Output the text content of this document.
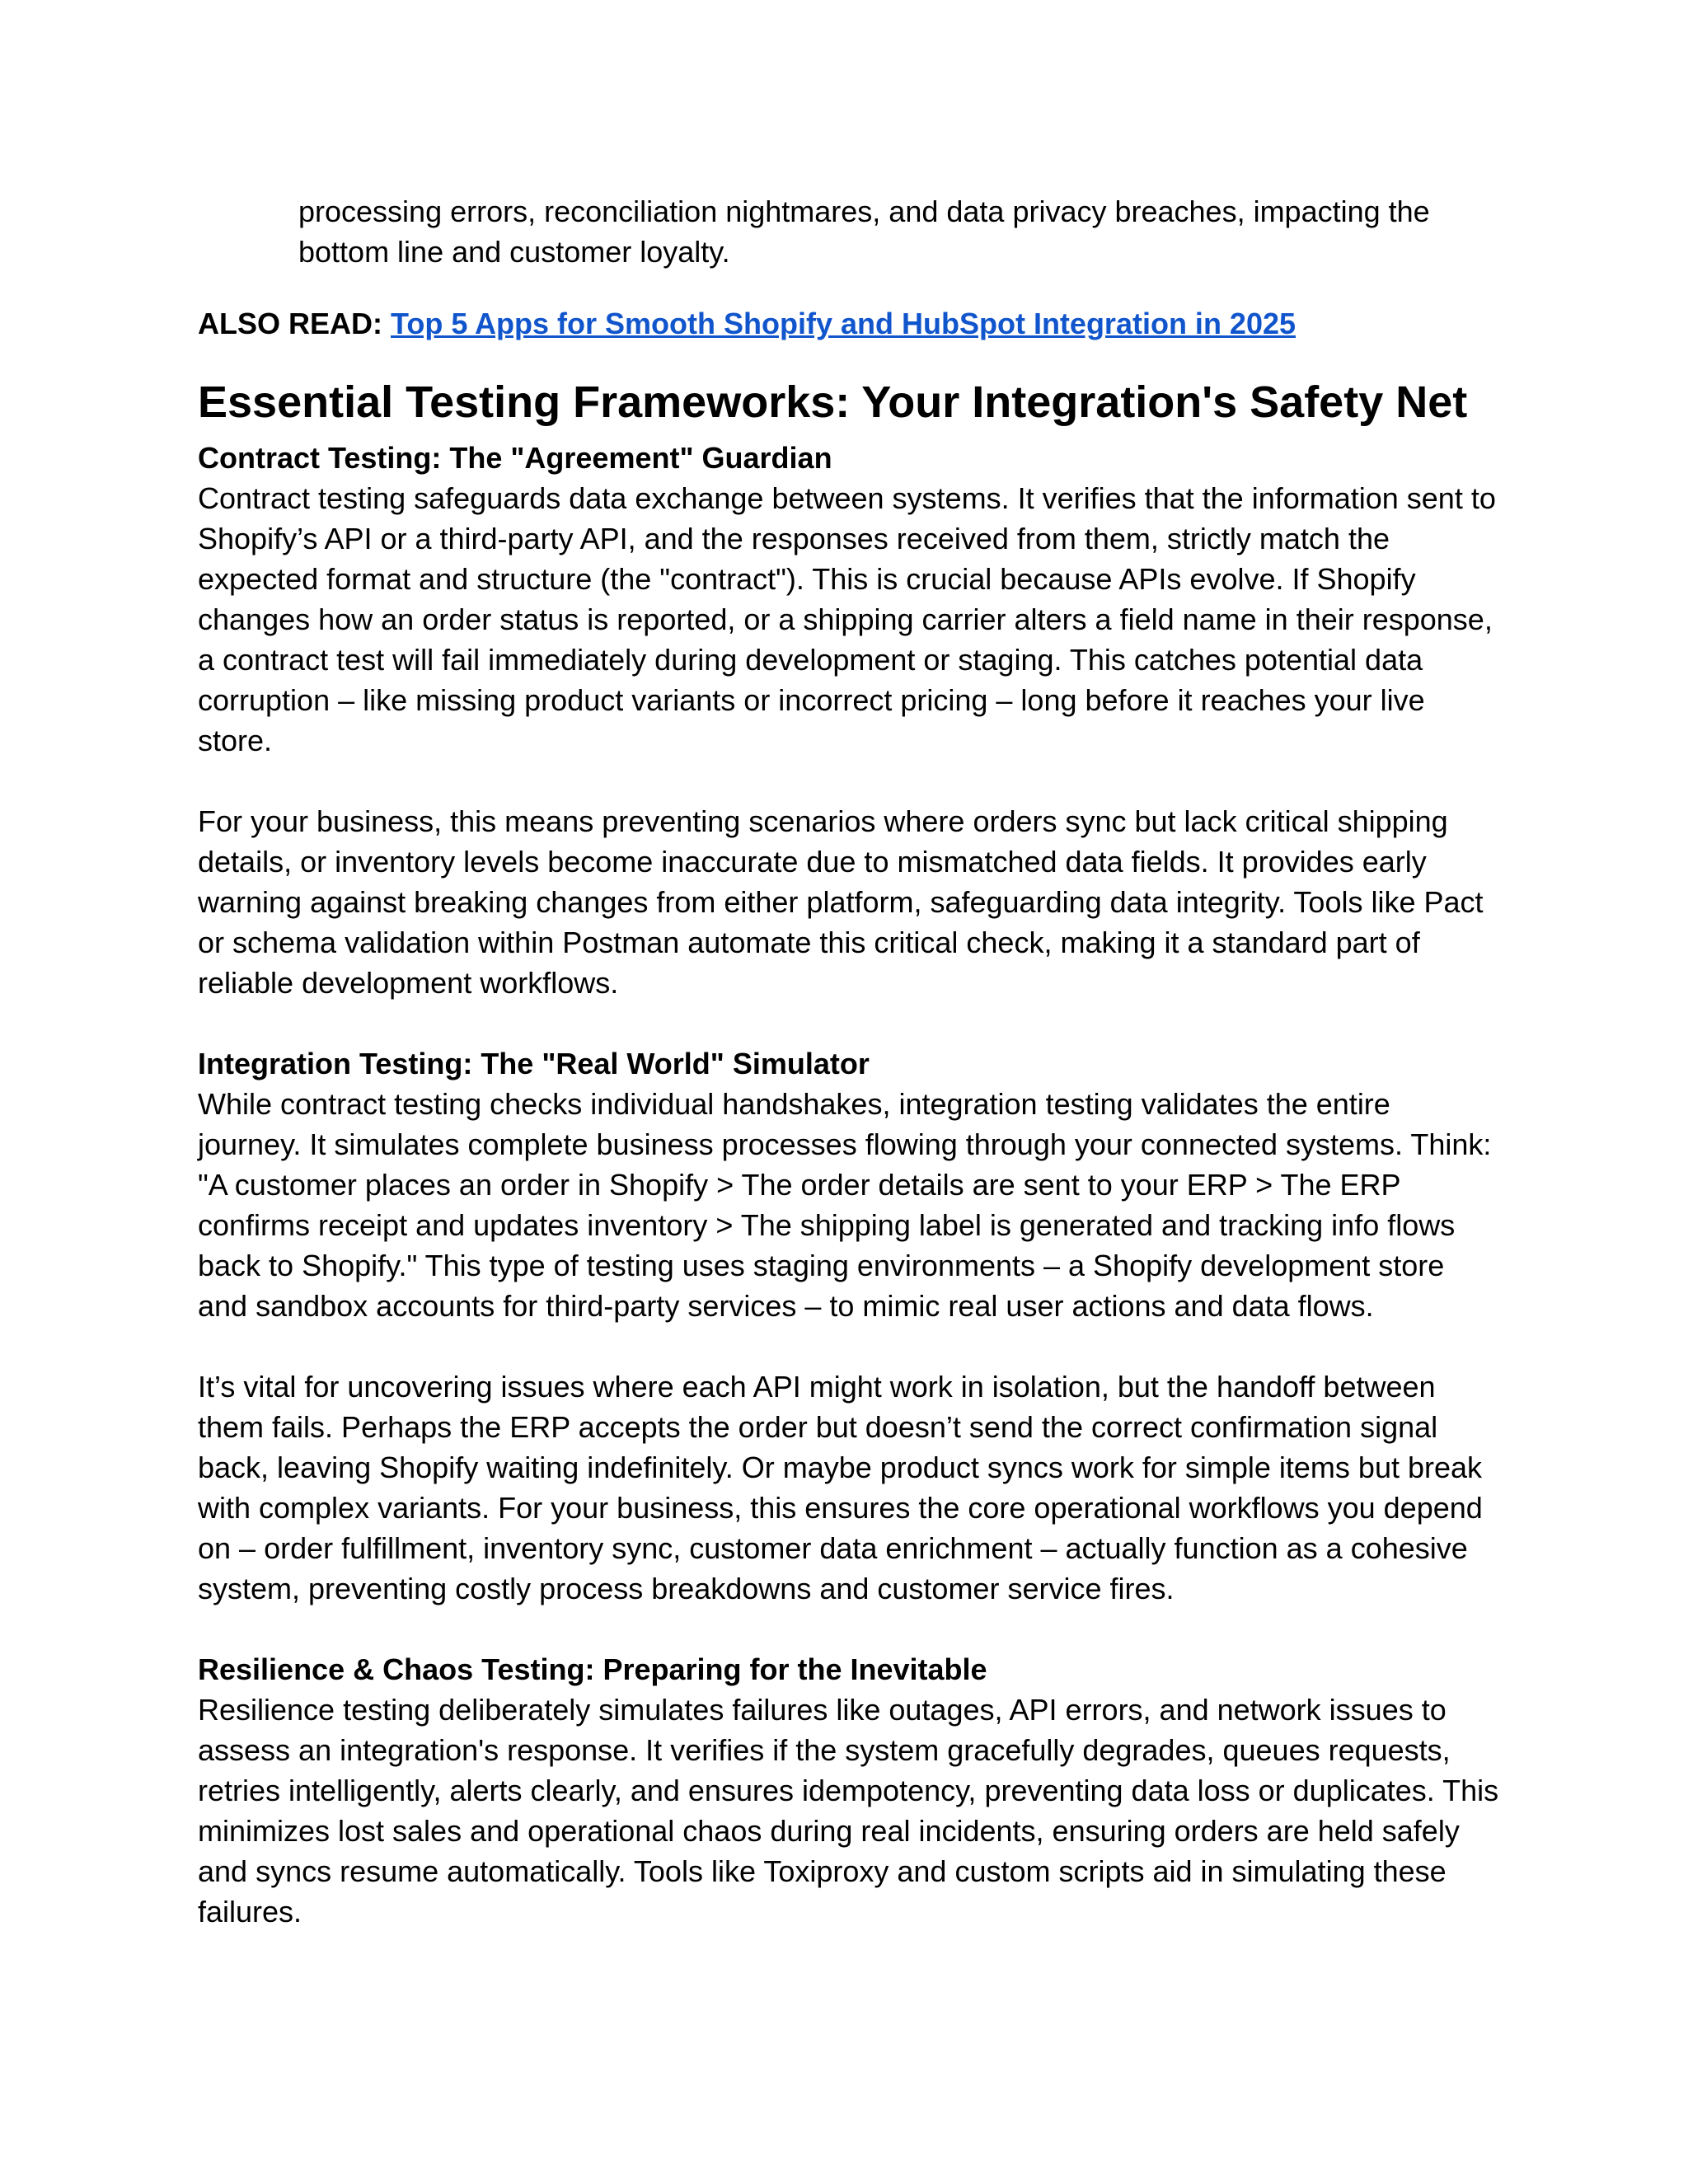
processing errors, reconciliation nightmares, and data privacy breaches, impacting the bottom line and customer loyalty.

ALSO READ: Top 5 Apps for Smooth Shopify and HubSpot Integration in 2025

Essential Testing Frameworks: Your Integration's Safety Net

Contract Testing: The "Agreement" Guardian

Contract testing safeguards data exchange between systems. It verifies that the information sent to Shopify’s API or a third-party API, and the responses received from them, strictly match the expected format and structure (the "contract"). This is crucial because APIs evolve. If Shopify changes how an order status is reported, or a shipping carrier alters a field name in their response, a contract test will fail immediately during development or staging. This catches potential data corruption – like missing product variants or incorrect pricing – long before it reaches your live store.

For your business, this means preventing scenarios where orders sync but lack critical shipping details, or inventory levels become inaccurate due to mismatched data fields. It provides early warning against breaking changes from either platform, safeguarding data integrity. Tools like Pact or schema validation within Postman automate this critical check, making it a standard part of reliable development workflows.

Integration Testing: The "Real World" Simulator

While contract testing checks individual handshakes, integration testing validates the entire journey. It simulates complete business processes flowing through your connected systems. Think: "A customer places an order in Shopify > The order details are sent to your ERP > The ERP confirms receipt and updates inventory > The shipping label is generated and tracking info flows back to Shopify." This type of testing uses staging environments – a Shopify development store and sandbox accounts for third-party services – to mimic real user actions and data flows.

It’s vital for uncovering issues where each API might work in isolation, but the handoff between them fails. Perhaps the ERP accepts the order but doesn’t send the correct confirmation signal back, leaving Shopify waiting indefinitely. Or maybe product syncs work for simple items but break with complex variants. For your business, this ensures the core operational workflows you depend on – order fulfillment, inventory sync, customer data enrichment – actually function as a cohesive system, preventing costly process breakdowns and customer service fires.

Resilience & Chaos Testing: Preparing for the Inevitable

Resilience testing deliberately simulates failures like outages, API errors, and network issues to assess an integration's response. It verifies if the system gracefully degrades, queues requests, retries intelligently, alerts clearly, and ensures idempotency, preventing data loss or duplicates. This minimizes lost sales and operational chaos during real incidents, ensuring orders are held safely and syncs resume automatically. Tools like Toxiproxy and custom scripts aid in simulating these failures.
